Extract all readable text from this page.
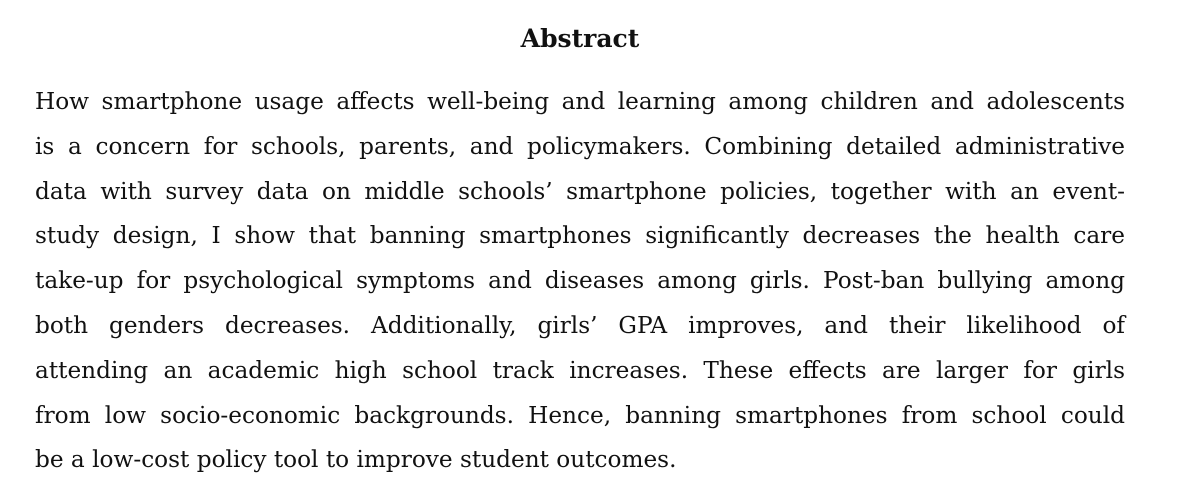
Abstract
How smartphone usage affects well-being and learning among children and adolescents
is a concern for schools, parents, and policymakers. Combining detailed administrative
data with survey data on middle schools’ smartphone policies, together with an event-
study design, I show that banning smartphones significantly decreases the health care
take-up for psychological symptoms and diseases among girls. Post-ban bullying among
both genders decreases. Additionally, girls’ GPA improves, and their likelihood of
attending an academic high school track increases. These effects are larger for girls
from low socio-economic backgrounds. Hence, banning smartphones from school could
be a low-cost policy tool to improve student outcomes.
